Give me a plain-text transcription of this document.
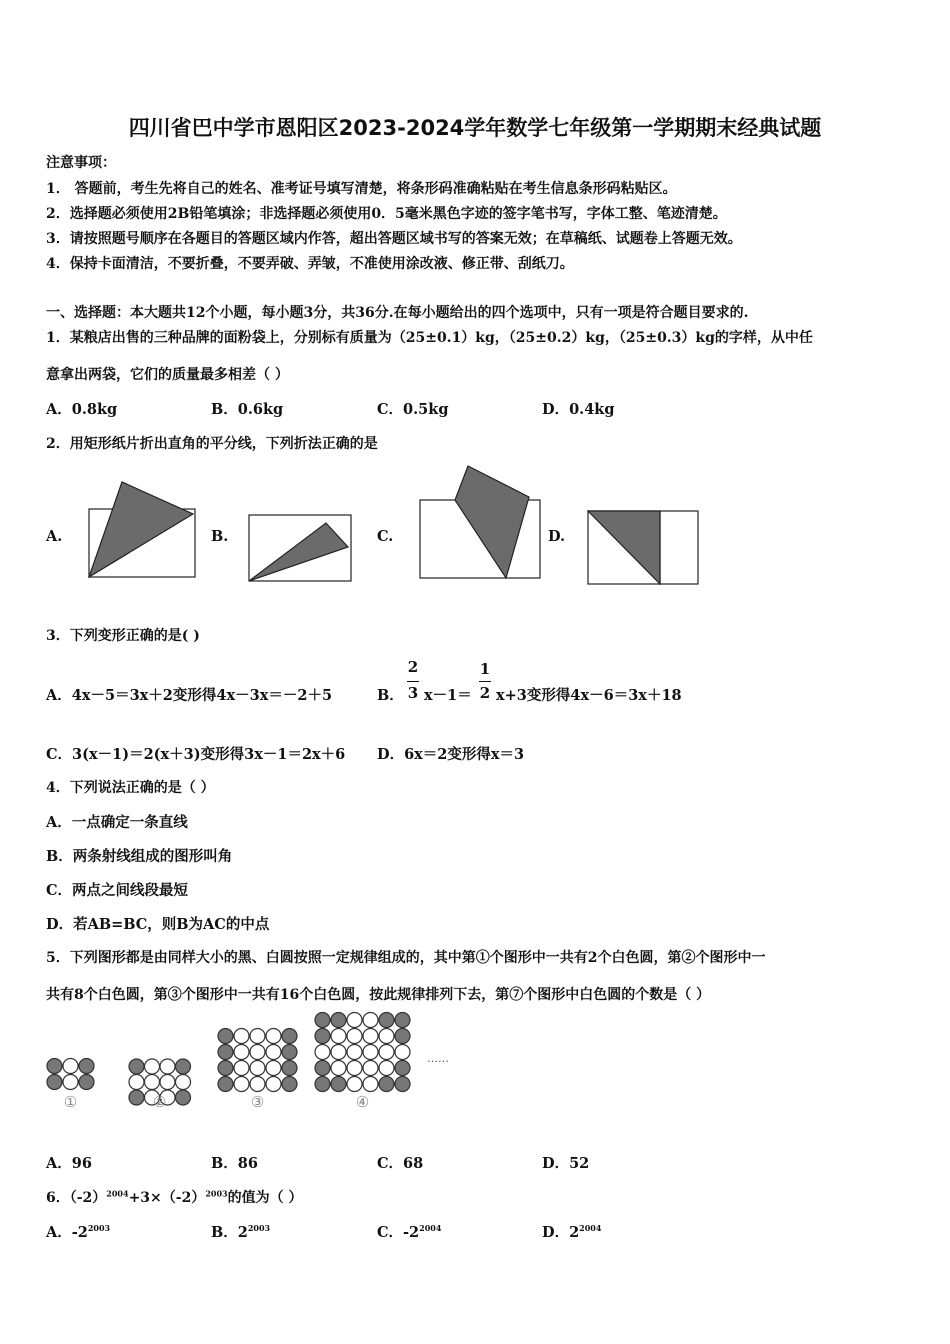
四川省巴中学市恩阳区2023-2024学年数学七年级第一学期期末经典试题
注意事项：
1． 答题前，考生先将自己的姓名、准考证号填写清楚，将条形码准确粘贴在考生信息条形码粘贴区。
2．选择题必须使用2B铅笔填涂；非选择题必须使用0．5毫米黑色字迹的签字笔书写，字体工整、笔迹清楚。
3．请按照题号顺序在各题目的答题区域内作答，超出答题区域书写的答案无效；在草稿纸、试题卷上答题无效。
4．保持卡面清洁，不要折叠，不要弄破、弄皱，不准使用涂改液、修正带、刮纸刀。
一、选择题：本大题共12个小题，每小题3分，共36分.在每小题给出的四个选项中，只有一项是符合题目要求的.
1．某粮店出售的三种品牌的面粉袋上，分别标有质量为（25±0.1）kg，（25±0.2）kg，（25±0.3）kg的字样，从中任
意拿出两袋，它们的质量最多相差（ ）
A．0.8kg	B．0.6kg	C．0.5kg	D．0.4kg
2．用矩形纸片折出直角的平分线，下列折法正确的是
A.	B.	C.	D.
3．下列变形正确的是( )
A．4x－5＝3x＋2变形得4x－3x＝－2＋5	B．
2
3 x－1＝
1
2 x+3变形得4x－6＝3x＋18
C．3(x－1)＝2(x＋3)变形得3x－1＝2x＋6 D．6x＝2变形得x＝3
4．下列说法正确的是（ ）
A．一点确定一条直线
B．两条射线组成的图形叫角
C．两点之间线段最短
D．若AB=BC，则B为AC的中点
5．下列图形都是由同样大小的黑、白圆按照一定规律组成的，其中第①个图形中一共有2个白色圆，第②个图形中一
共有8个白色圆，第③个图形中一共有16个白色圆，按此规律排列下去，第⑦个图形中白色圆的个数是（ ）
①	②	③	④
……
A．96	B．86	C．68	D．52
6．$(-2)^{2004}+3\times(-2)^{2003}$的值为（ ）
A．$-2^{2003}$	B．$2^{2003}$	C．$-2^{2004}$	D．$2^{2004}$
